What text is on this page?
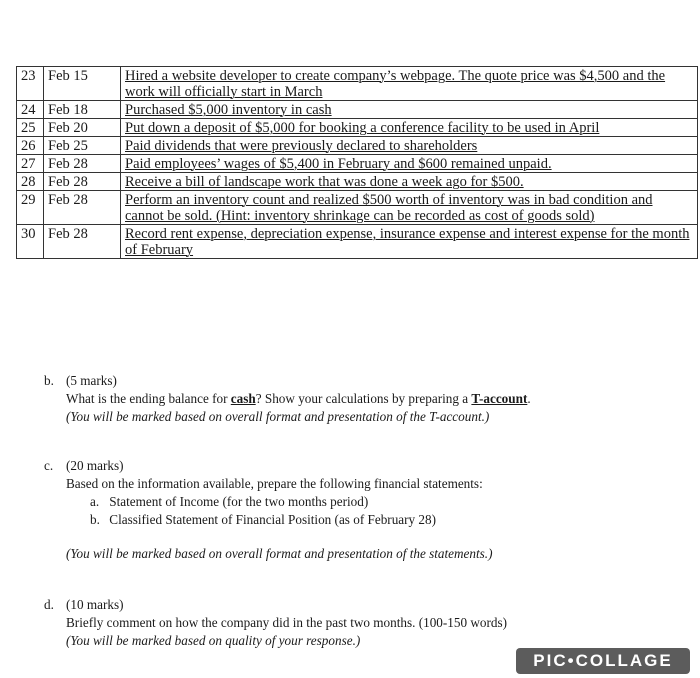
23	Feb 15	Hired a website developer to create company’s webpage. The quote price was $4,500 and the work will officially start in March
24	Feb 18	Purchased $5,000 inventory in cash
25	Feb 20	Put down a deposit of $5,000 for booking a conference facility to be used in April
26	Feb 25	Paid dividends that were previously declared to shareholders
27	Feb 28	Paid employees’ wages of $5,400 in February and $600 remained unpaid.
28	Feb 28	Receive a bill of landscape work that was done a week ago for $500.
29	Feb 28	Perform an inventory count and realized $500 worth of inventory was in bad condition and cannot be sold. (Hint: inventory shrinkage can be recorded as cost of goods sold)
30	Feb 28	Record rent expense, depreciation expense, insurance expense and interest expense for the month of February
b. (5 marks)
What is the ending balance for cash? Show your calculations by preparing a T-account.
(You will be marked based on overall format and presentation of the T-account.)
c. (20 marks)
Based on the information available, prepare the following financial statements:
a. Statement of Income (for the two months period)
b. Classified Statement of Financial Position (as of February 28)
(You will be marked based on overall format and presentation of the statements.)
d. (10 marks)
Briefly comment on how the company did in the past two months. (100-150 words)
(You will be marked based on quality of your response.)
PIC•COLLAGE
